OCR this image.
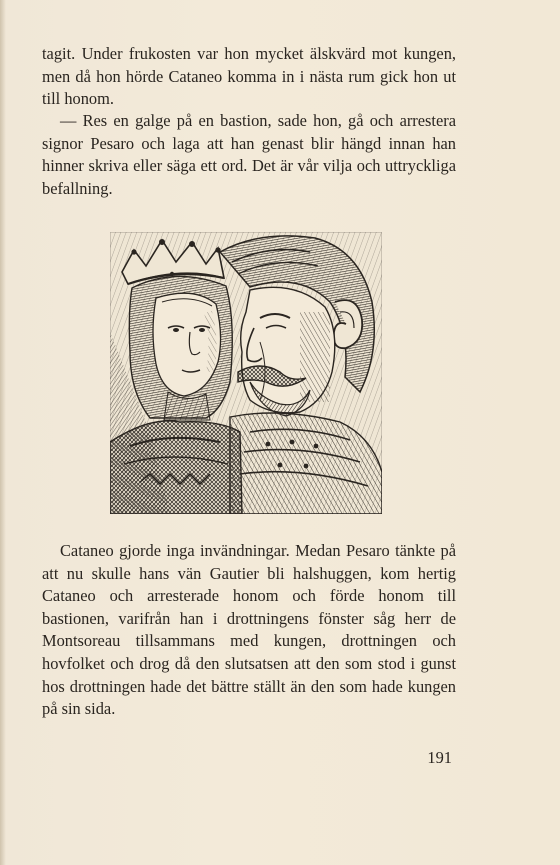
tagit. Under frukosten var hon mycket älskvärd mot kungen, men då hon hörde Cataneo komma in i nästa rum gick hon ut till honom.

— Res en galge på en bastion, sade hon, gå och arrestera signor Pesaro och laga att han genast blir hängd innan han hinner skriva eller säga ett ord. Det är vår vilja och uttryckliga befallning.

Cataneo gjorde inga invändningar. Medan Pesaro tänkte på att nu skulle hans vän Gautier bli halshuggen, kom hertig Cataneo och arresterade honom och förde honom till bastionen, varifrån han i drottningens fönster såg herr de Montsoreau tillsammans med kungen, drottningen och hovfolket och drog då den slutsatsen att den som stod i gunst hos drottningen hade det bättre ställt än den som hade kungen på sin sida.

191
